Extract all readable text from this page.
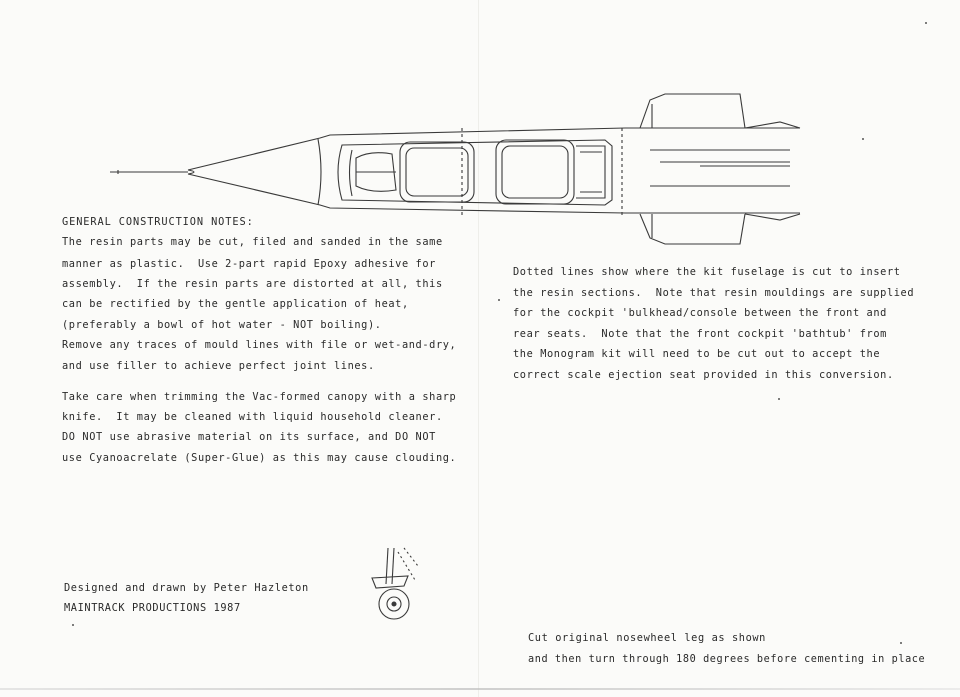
GENERAL CONSTRUCTION NOTES:
The resin parts may be cut, filed and sanded in the same
manner as plastic.  Use 2-part rapid Epoxy adhesive for
assembly.  If the resin parts are distorted at all, this
can be rectified by the gentle application of heat,
(preferably a bowl of hot water - NOT boiling).
Remove any traces of mould lines with file or wet-and-dry,
and use filler to achieve perfect joint lines.
Take care when trimming the Vac-formed canopy with a sharp
knife.  It may be cleaned with liquid household cleaner.
DO NOT use abrasive material on its surface, and DO NOT
use Cyanoacrelate (Super-Glue) as this may cause clouding.
Dotted lines show where the kit fuselage is cut to insert
the resin sections.  Note that resin mouldings are supplied
for the cockpit 'bulkhead/console between the front and
rear seats.  Note that the front cockpit 'bathtub' from
the Monogram kit will need to be cut out to accept the
correct scale ejection seat provided in this conversion.
Designed and drawn by Peter Hazleton
MAINTRACK PRODUCTIONS 1987
Cut original nosewheel leg as shown
and then turn through 180 degrees before cementing in place
